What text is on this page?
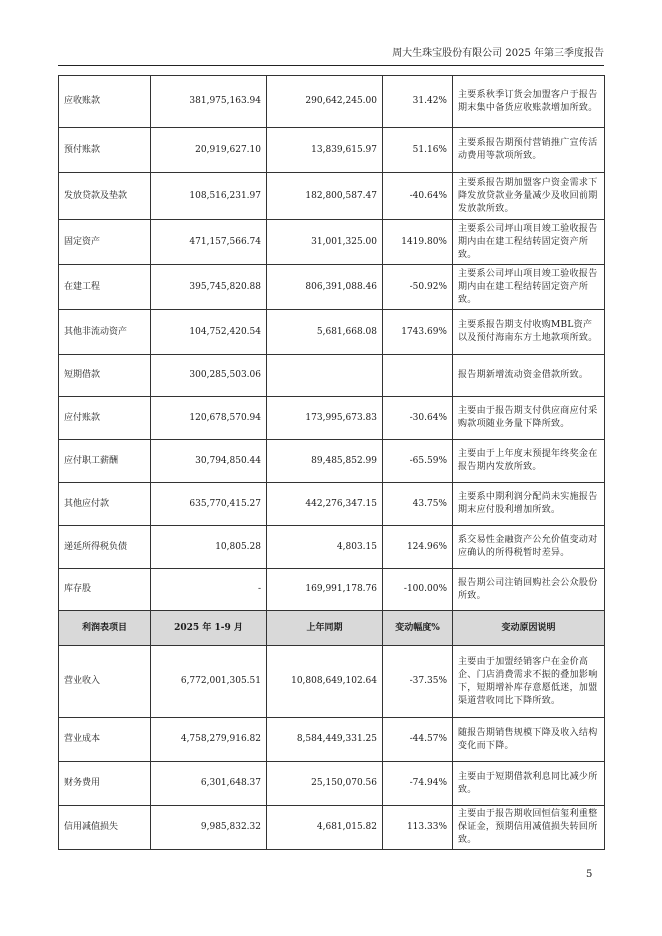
周大生珠宝股份有限公司 2025 年第三季度报告
应收账款	381,975,163.94	290,642,245.00	31.42%	主要系秋季订货会加盟客户于报告期末集中备货应收账款增加所致。
预付账款	20,919,627.10	13,839,615.97	51.16%	主要系报告期预付营销推广宣传活动费用等款项所致。
发放贷款及垫款	108,516,231.97	182,800,587.47	-40.64%	主要系报告期加盟客户资金需求下降发放贷款业务量减少及收回前期发放款所致。
固定资产	471,157,566.74	31,001,325.00	1419.80%	主要系公司坪山项目竣工验收报告期内由在建工程结转固定资产所致。
在建工程	395,745,820.88	806,391,088.46	-50.92%	主要系公司坪山项目竣工验收报告期内由在建工程结转固定资产所致。
其他非流动资产	104,752,420.54	5,681,668.08	1743.69%	主要系报告期支付收购MBL资产以及预付海南东方土地款项所致。
短期借款	300,285,503.06			报告期新增流动资金借款所致。
应付账款	120,678,570.94	173,995,673.83	-30.64%	主要由于报告期支付供应商应付采购款项随业务量下降所致。
应付职工薪酬	30,794,850.44	89,485,852.99	-65.59%	主要由于上年度末预提年终奖金在报告期内发放所致。
其他应付款	635,770,415.27	442,276,347.15	43.75%	主要系中期利润分配尚未实施报告期末应付股利增加所致。
递延所得税负债	10,805.28	4,803.15	124.96%	系交易性金融资产公允价值变动对应确认的所得税暂时差异。
库存股	-	169,991,178.76	-100.00%	报告期公司注销回购社会公众股份所致。
利润表项目	2025 年 1-9 月	上年同期	变动幅度%	变动原因说明
营业收入	6,772,001,305.51	10,808,649,102.64	-37.35%	主要由于加盟经销客户在金价高企、门店消费需求不振的叠加影响下，短期增补库存意愿低迷，加盟渠道营收同比下降所致。
营业成本	4,758,279,916.82	8,584,449,331.25	-44.57%	随报告期销售规模下降及收入结构变化而下降。
财务费用	6,301,648.37	25,150,070.56	-74.94%	主要由于短期借款利息同比减少所致。
信用减值损失	9,985,832.32	4,681,015.82	113.33%	主要由于报告期收回恒信玺利重整保证金，预期信用减值损失转回所致。
5
